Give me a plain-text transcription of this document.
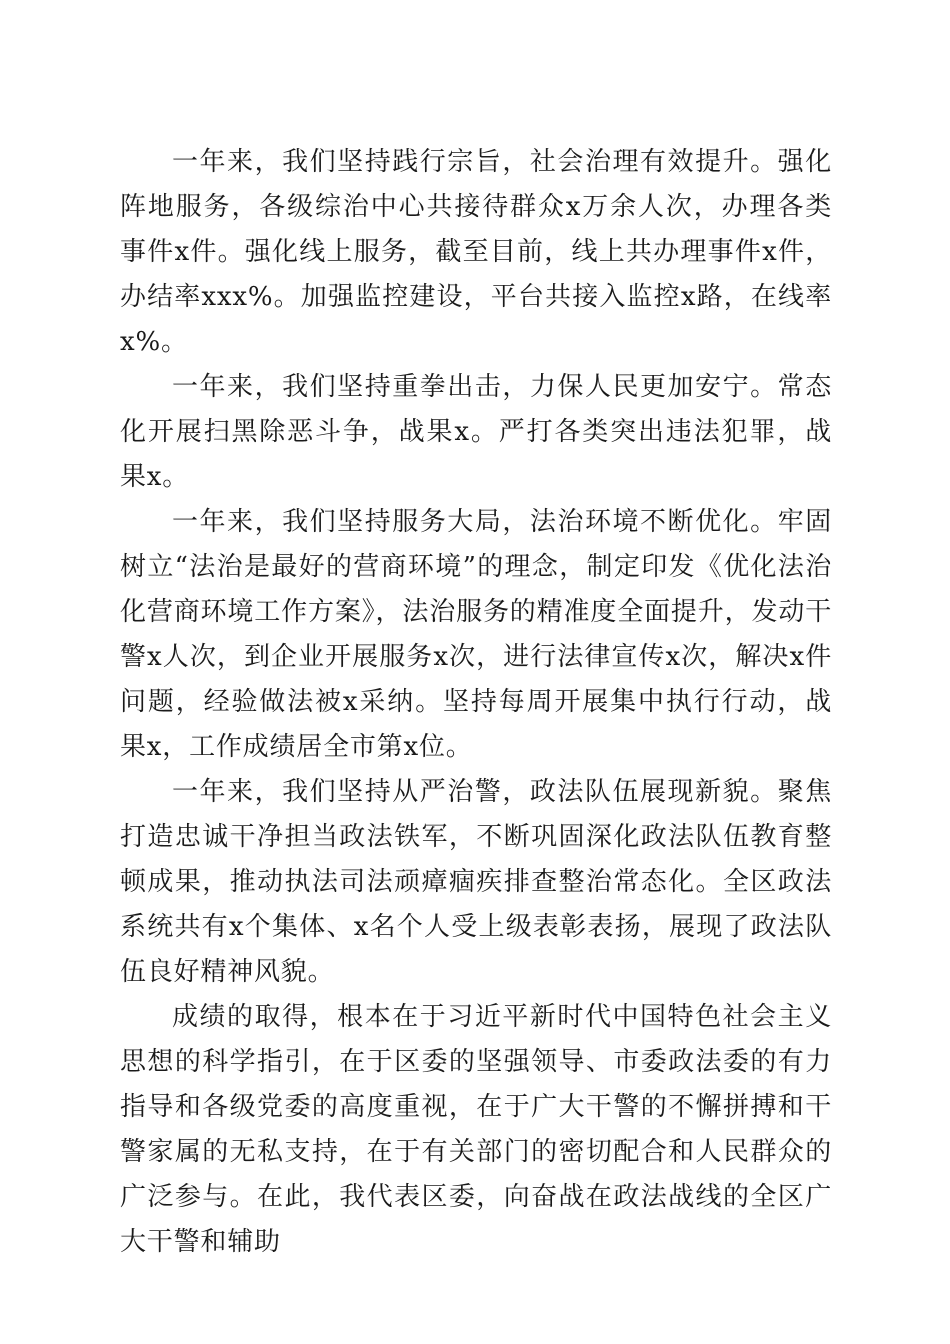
一年来，我们坚持践行宗旨，社会治理有效提升。强化阵地服务，各级综治中心共接待群众x万余人次，办理各类事件x件。强化线上服务，截至目前，线上共办理事件x件，办结率xxx%。加强监控建设，平台共接入监控x路，在线率x%。

一年来，我们坚持重拳出击，力保人民更加安宁。常态化开展扫黑除恶斗争，战果x。严打各类突出违法犯罪，战果x。

一年来，我们坚持服务大局，法治环境不断优化。牢固树立“法治是最好的营商环境”的理念，制定印发《优化法治化营商环境工作方案》，法治服务的精准度全面提升，发动干警x人次，到企业开展服务x次，进行法律宣传x次，解决x件问题，经验做法被x采纳。坚持每周开展集中执行行动，战果x，工作成绩居全市第x位。

一年来，我们坚持从严治警，政法队伍展现新貌。聚焦打造忠诚干净担当政法铁军，不断巩固深化政法队伍教育整顿成果，推动执法司法顽瘴痼疾排查整治常态化。全区政法系统共有x个集体、x名个人受上级表彰表扬，展现了政法队伍良好精神风貌。

成绩的取得，根本在于习近平新时代中国特色社会主义思想的科学指引，在于区委的坚强领导、市委政法委的有力指导和各级党委的高度重视，在于广大干警的不懈拼搏和干警家属的无私支持，在于有关部门的密切配合和人民群众的广泛参与。在此，我代表区委，向奋战在政法战线的全区广大干警和辅助
